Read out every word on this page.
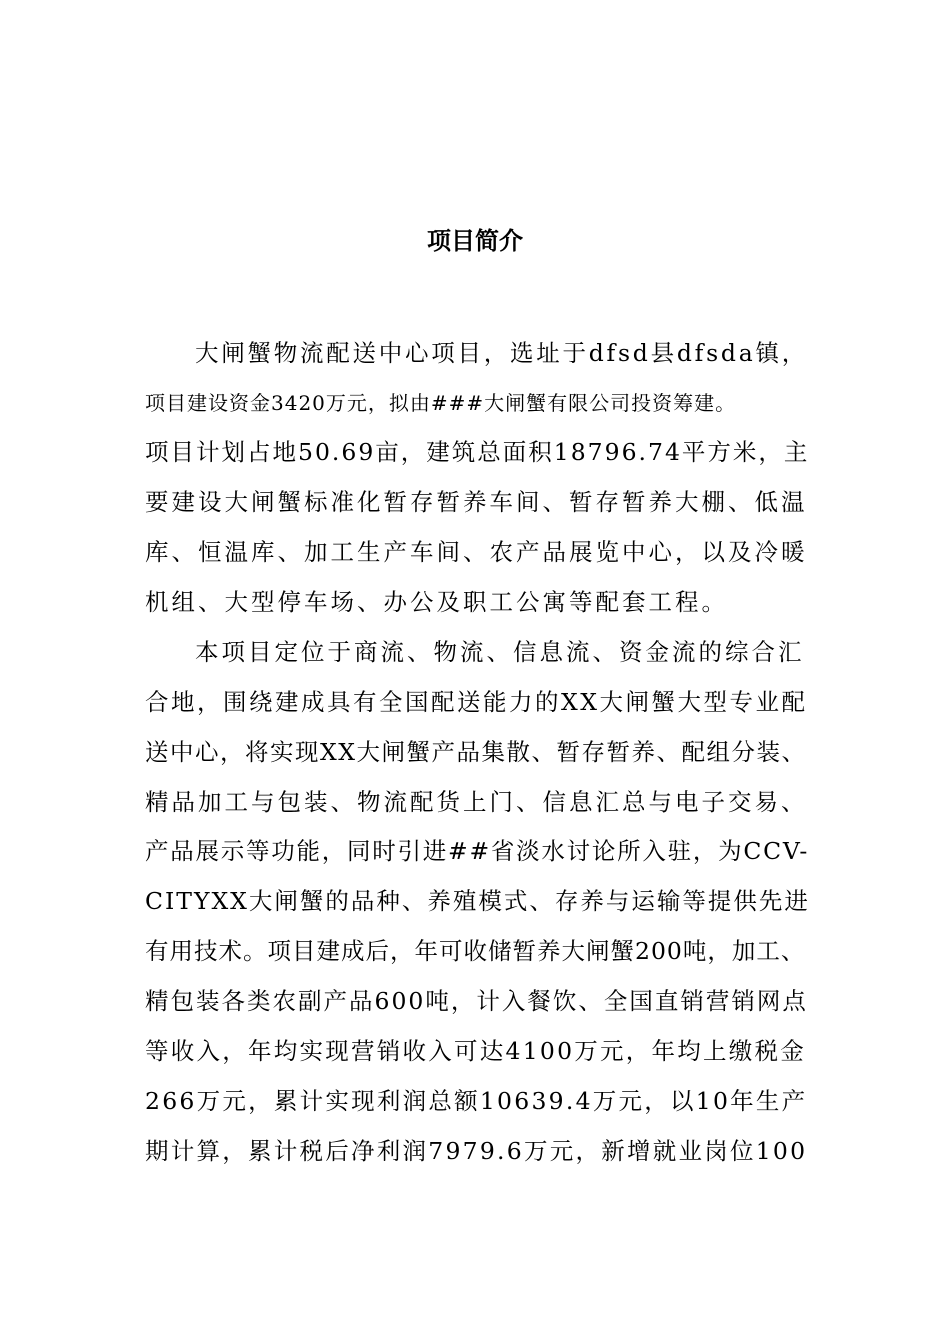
项目简介
大闸蟹物流配送中心项目，选址于dfsd县dfsda镇，
项目建设资金3420万元，拟由###大闸蟹有限公司投资筹建。
项目计划占地50.69亩，建筑总面积18796.74平方米，主
要建设大闸蟹标准化暂存暂养车间、暂存暂养大棚、低温
库、恒温库、加工生产车间、农产品展览中心，以及冷暖
机组、大型停车场、办公及职工公寓等配套工程。
本项目定位于商流、物流、信息流、资金流的综合汇
合地，围绕建成具有全国配送能力的XX大闸蟹大型专业配
送中心，将实现XX大闸蟹产品集散、暂存暂养、配组分装、
精品加工与包装、物流配货上门、信息汇总与电子交易、
产品展示等功能，同时引进##省淡水讨论所入驻，为CCV-
CITYXX大闸蟹的品种、养殖模式、存养与运输等提供先进
有用技术。项目建成后，年可收储暂养大闸蟹200吨，加工、
精包装各类农副产品600吨，计入餐饮、全国直销营销网点
等收入，年均实现营销收入可达4100万元，年均上缴税金
266万元，累计实现利润总额10639.4万元，以10年生产
期计算，累计税后净利润7979.6万元，新增就业岗位100
